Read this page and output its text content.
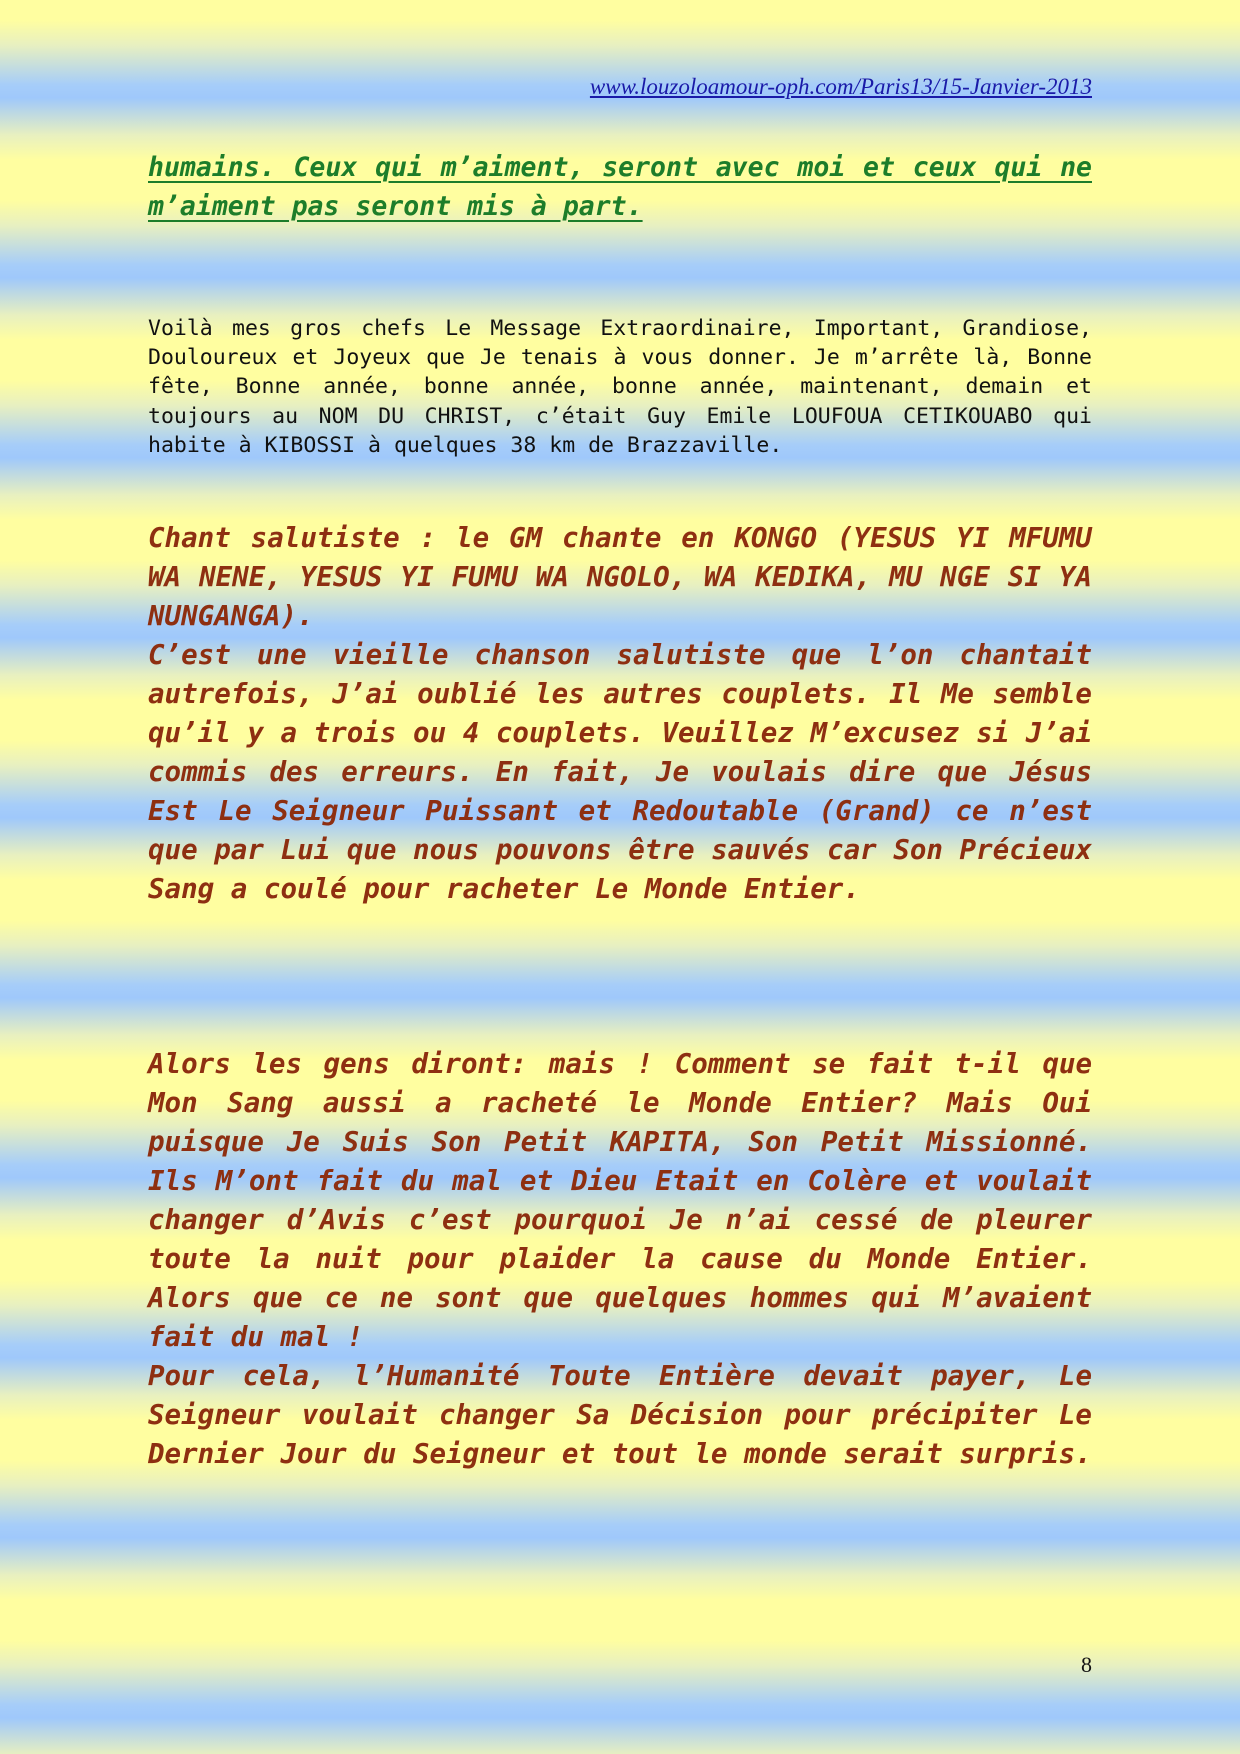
www.louzoloamour-oph.com/Paris13/15-Janvier-2013

humains. Ceux qui m’aiment, seront avec moi et ceux qui ne m’aiment pas seront mis à part.

Voilà mes gros chefs Le Message Extraordinaire, Important, Grandiose, Douloureux et Joyeux que Je tenais à vous donner. Je m’arrête là, Bonne fête, Bonne année, bonne année, bonne année, maintenant, demain et toujours au NOM DU CHRIST, c’était Guy Emile LOUFOUA CETIKOUABO qui habite à KIBOSSI à quelques 38 km de Brazzaville.

Chant salutiste : le GM chante en KONGO (YESUS YI MFUMU WA NENE, YESUS YI FUMU WA NGOLO, WA KEDIKA, MU NGE SI YA NUNGANGA).

C’est une vieille chanson salutiste que l’on chantait autrefois, J’ai oublié les autres couplets. Il Me semble qu’il y a trois ou 4 couplets. Veuillez M’excusez si J’ai commis des erreurs. En fait, Je voulais dire que Jésus Est Le Seigneur Puissant et Redoutable (Grand) ce n’est que par Lui que nous pouvons être sauvés car Son Précieux Sang a coulé pour racheter Le Monde Entier.

Alors les gens diront: mais ! Comment se fait t-il que Mon Sang aussi a racheté le Monde Entier? Mais Oui puisque Je Suis Son Petit KAPITA, Son Petit Missionné. Ils M’ont fait du mal et Dieu Etait en Colère et voulait changer d’Avis c’est pourquoi Je n’ai cessé de pleurer toute la nuit pour plaider la cause du Monde Entier. Alors que ce ne sont que quelques hommes qui M’avaient fait du mal !

Pour cela, l’Humanité Toute Entière devait payer, Le Seigneur voulait changer Sa Décision pour précipiter Le Dernier Jour du Seigneur et tout le monde serait surpris.

8
